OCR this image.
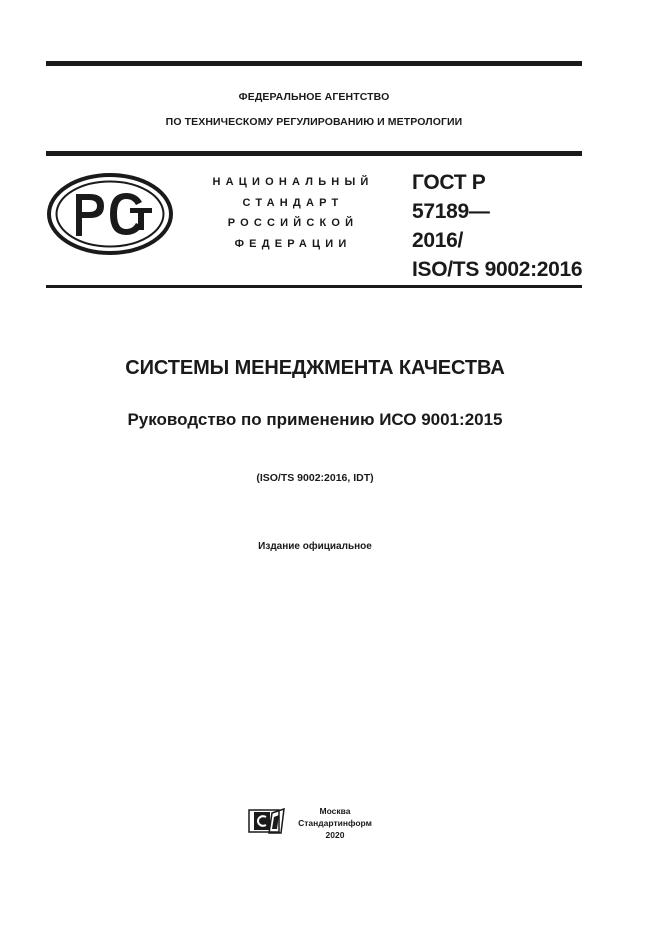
ФЕДЕРАЛЬНОЕ АГЕНТСТВО
ПО ТЕХНИЧЕСКОМУ РЕГУЛИРОВАНИЮ И МЕТРОЛОГИИ
НАЦИОНАЛЬНЫЙ
СТАНДАРТ
РОССИЙСКОЙ
ФЕДЕРАЦИИ
ГОСТ Р
57189—
2016/
ISO/TS 9002:2016
СИСТЕМЫ МЕНЕДЖМЕНТА КАЧЕСТВА
Руководство по применению ИСО 9001:2015
(ISO/TS 9002:2016, IDT)
Издание официальное
Москва
Стандартинформ
2020
